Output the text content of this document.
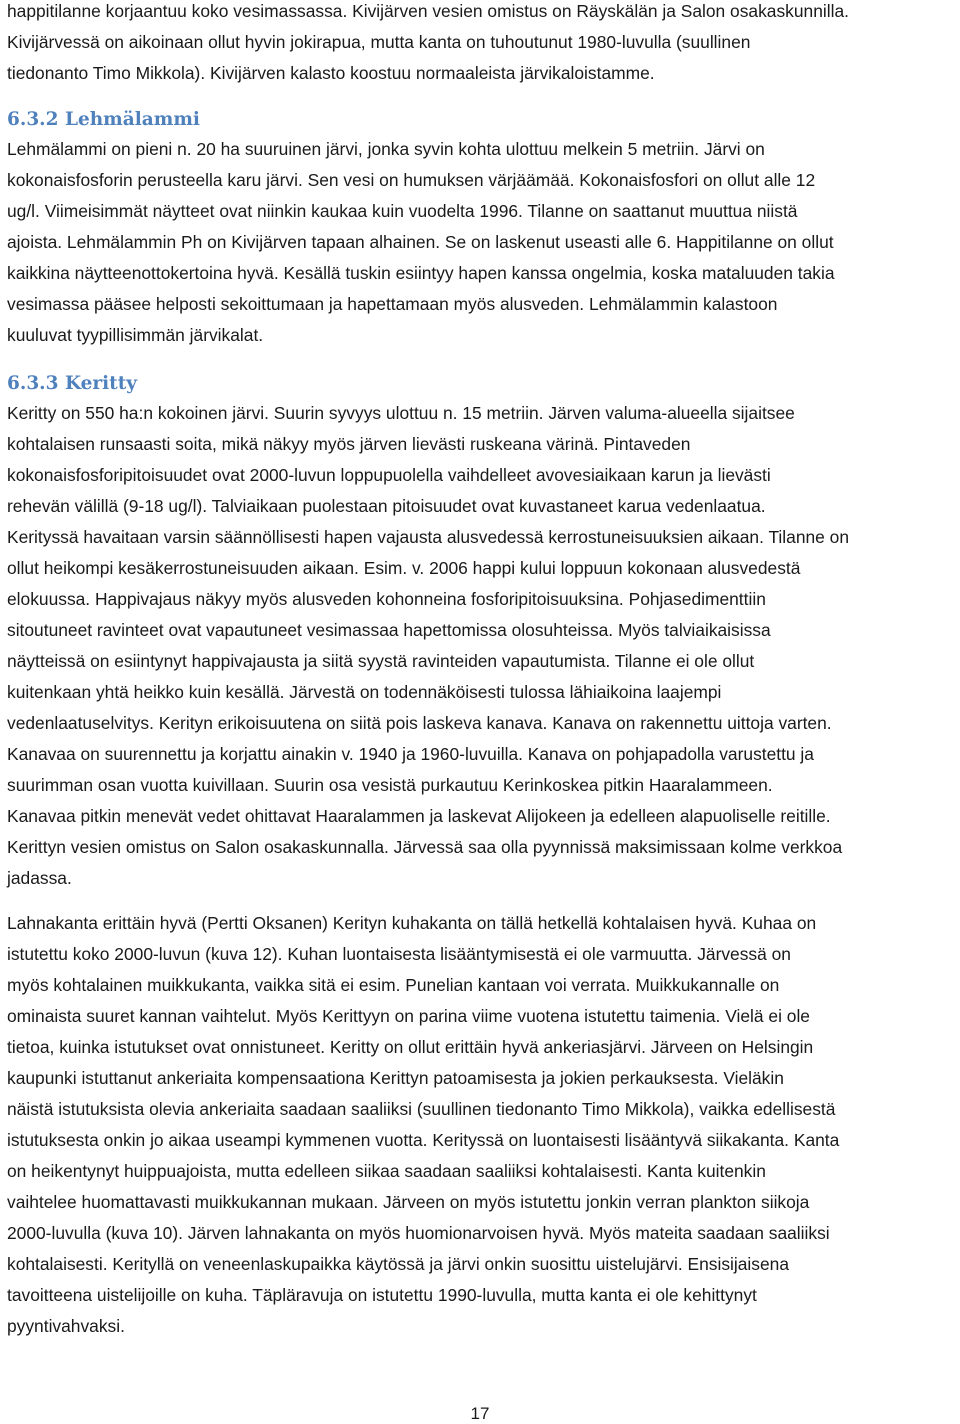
happitilanne korjaantuu koko vesimassassa. Kivijärven vesien omistus on Räyskälän ja Salon osakaskunnilla.
Kivijärvessä on aikoinaan ollut hyvin jokirapua, mutta kanta on tuhoutunut 1980-luvulla (suullinen
tiedonanto Timo Mikkola). Kivijärven kalasto koostuu normaaleista järvikaloistamme.
6.3.2 Lehmälammi
Lehmälammi on pieni n. 20 ha suuruinen järvi, jonka syvin kohta ulottuu melkein 5 metriin. Järvi on
kokonaisfosforin perusteella karu järvi. Sen vesi on humuksen värjäämää. Kokonaisfosfori on ollut alle 12
ug/l. Viimeisimmät näytteet ovat niinkin kaukaa kuin vuodelta 1996. Tilanne on saattanut muuttua niistä
ajoista. Lehmälammin Ph on Kivijärven tapaan alhainen. Se on laskenut useasti alle 6. Happitilanne on ollut
kaikkina näytteenottokertoina hyvä. Kesällä tuskin esiintyy hapen kanssa ongelmia, koska mataluuden takia
vesimassa pääsee helposti sekoittumaan ja hapettamaan myös alusveden. Lehmälammin kalastoon
kuuluvat tyypillisimmän järvikalat.
6.3.3 Keritty
Keritty on 550 ha:n kokoinen järvi. Suurin syvyys ulottuu n. 15 metriin. Järven valuma-alueella sijaitsee
kohtalaisen runsaasti soita, mikä näkyy myös järven lievästi ruskeana värinä. Pintaveden
kokonaisfosforipitoisuudet ovat 2000-luvun loppupuolella vaihdelleet avovesiaikaan karun ja lievästi
rehevän välillä (9-18 ug/l). Talviaikaan puolestaan pitoisuudet ovat kuvastaneet karua vedenlaatua.
Kerityssä havaitaan varsin säännöllisesti hapen vajausta alusvedessä kerrostuneisuuksien aikaan. Tilanne on
ollut heikompi kesäkerrostuneisuuden aikaan. Esim. v. 2006 happi kului loppuun kokonaan alusvedestä
elokuussa. Happivajaus näkyy myös alusveden kohonneina fosforipitoisuuksina. Pohjasedimenttiin
sitoutuneet ravinteet ovat vapautuneet vesimassaa hapettomissa olosuhteissa. Myös talviaikaisissa
näytteissä on esiintynyt happivajausta ja siitä syystä ravinteiden vapautumista. Tilanne ei ole ollut
kuitenkaan yhtä heikko kuin kesällä. Järvestä on todennäköisesti tulossa lähiaikoina laajempi
vedenlaatuselvitys. Kerityn erikoisuutena on siitä pois laskeva kanava. Kanava on rakennettu uittoja varten.
Kanavaa on suurennettu ja korjattu ainakin v. 1940 ja 1960-luvuilla. Kanava on pohjapadolla varustettu ja
suurimman osan vuotta kuivillaan. Suurin osa vesistä purkautuu Kerinkoskea pitkin Haaralammeen.
Kanavaa pitkin menevät vedet ohittavat Haaralammen ja laskevat Alijokeen ja edelleen alapuoliselle reitille.
Kerittyn vesien omistus on Salon osakaskunnalla. Järvessä saa olla pyynnissä maksimissaan kolme verkkoa
jadassa.
Lahnakanta erittäin hyvä (Pertti Oksanen) Kerityn kuhakanta on tällä hetkellä kohtalaisen hyvä. Kuhaa on
istutettu koko 2000-luvun (kuva 12). Kuhan luontaisesta lisääntymisestä ei ole varmuutta. Järvessä on
myös kohtalainen muikkukanta, vaikka sitä ei esim. Punelian kantaan voi verrata. Muikkukannalle on
ominaista suuret kannan vaihtelut. Myös Kerittyyn on parina viime vuotena istutettu taimenia. Vielä ei ole
tietoa, kuinka istutukset ovat onnistuneet. Keritty on ollut erittäin hyvä ankeriasjärvi. Järveen on Helsingin
kaupunki istuttanut ankeriaita kompensaationa Kerittyn patoamisesta ja jokien perkauksesta. Vieläkin
näistä istutuksista olevia ankeriaita saadaan saaliiksi (suullinen tiedonanto Timo Mikkola), vaikka edellisestä
istutuksesta onkin jo aikaa useampi kymmenen vuotta. Kerityssä on luontaisesti lisääntyvä siikakanta. Kanta
on heikentynyt huippuajoista, mutta edelleen siikaa saadaan saaliiksi kohtalaisesti. Kanta kuitenkin
vaihtelee huomattavasti muikkukannan mukaan. Järveen on myös istutettu jonkin verran plankton siikoja
2000-luvulla (kuva 10). Järven lahnakanta on myös huomionarvoisen hyvä. Myös mateita saadaan saaliiksi
kohtalaisesti. Kerityllä on veneenlaskupaikka käytössä ja järvi onkin suosittu uistelujärvi. Ensisijaisena
tavoitteena uistelijoille on kuha. Täpläravuja on istutettu 1990-luvulla, mutta kanta ei ole kehittynyt
pyyntivahvaksi.
17
